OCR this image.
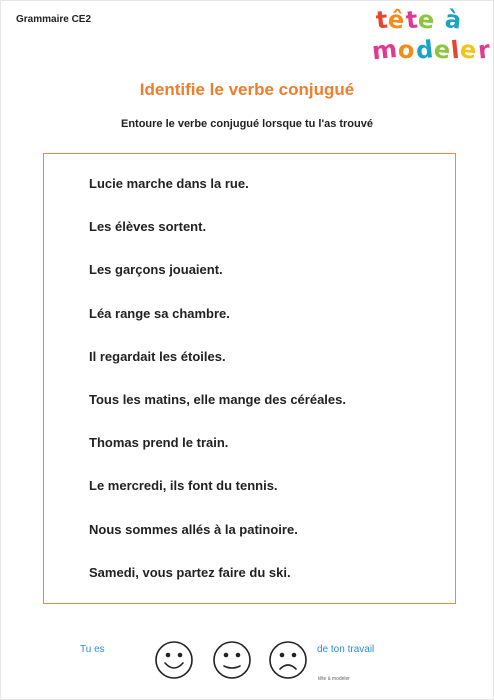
Grammaire CE2	tête à
modeler
Identifie le verbe conjugué
Entoure le verbe conjugué lorsque tu l'as trouvé
Lucie marche dans la rue.
Les élèves sortent.
Les garçons jouaient.
Léa range sa chambre.
Il regardait les étoiles.
Tous les matins, elle mange des céréales.
Thomas prend le train.
Le mercredi, ils font du tennis.
Nous sommes allés à la patinoire.
Samedi, vous partez faire du ski.
Tu es	de ton travail
tête à modeler
